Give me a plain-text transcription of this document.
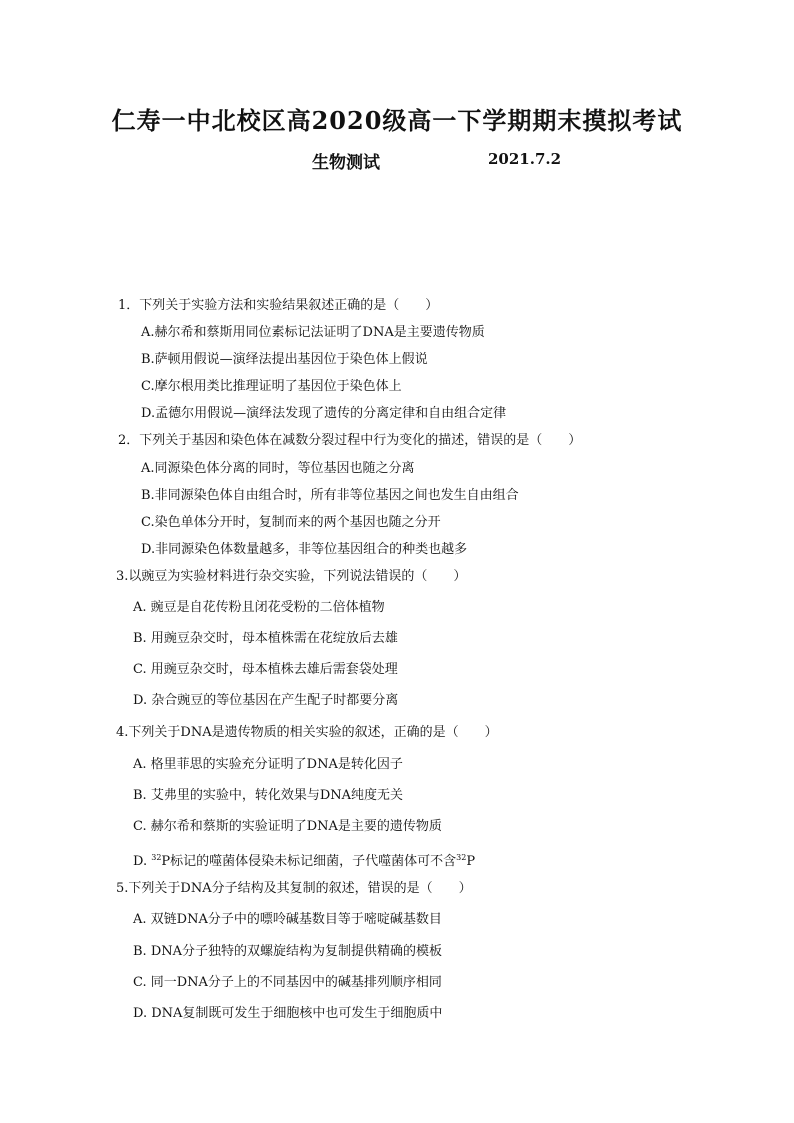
仁寿一中北校区高2020级高一下学期期末摸拟考试
生物测试	2021.7.2
1．下列关于实验方法和实验结果叙述正确的是（　　）
A.赫尔希和蔡斯用同位素标记法证明了DNA是主要遗传物质
B.萨顿用假说—演绎法提出基因位于染色体上假说
C.摩尔根用类比推理证明了基因位于染色体上
D.孟德尔用假说—演绎法发现了遗传的分离定律和自由组合定律
2．下列关于基因和染色体在减数分裂过程中行为变化的描述，错误的是（　　）
A.同源染色体分离的同时，等位基因也随之分离
B.非同源染色体自由组合时，所有非等位基因之间也发生自由组合
C.染色单体分开时，复制而来的两个基因也随之分开
D.非同源染色体数量越多，非等位基因组合的种类也越多
3.以豌豆为实验材料进行杂交实验，下列说法错误的（　　）
A. 豌豆是自花传粉且闭花受粉的二倍体植物
B. 用豌豆杂交时，母本植株需在花绽放后去雄
C. 用豌豆杂交时，母本植株去雄后需套袋处理
D. 杂合豌豆的等位基因在产生配子时都要分离
4.下列关于DNA是遗传物质的相关实验的叙述，正确的是（　　）
A. 格里菲思的实验充分证明了DNA是转化因子
B. 艾弗里的实验中，转化效果与DNA纯度无关
C. 赫尔希和蔡斯的实验证明了DNA是主要的遗传物质
D. $^{32}$P标记的噬菌体侵染未标记细菌，子代噬菌体可不含$^{32}$P
5.下列关于DNA分子结构及其复制的叙述，错误的是（　　）
A. 双链DNA分子中的嘌呤碱基数目等于嘧啶碱基数目
B. DNA分子独特的双螺旋结构为复制提供精确的模板
C. 同一DNA分子上的不同基因中的碱基排列顺序相同
D. DNA复制既可发生于细胞核中也可发生于细胞质中
